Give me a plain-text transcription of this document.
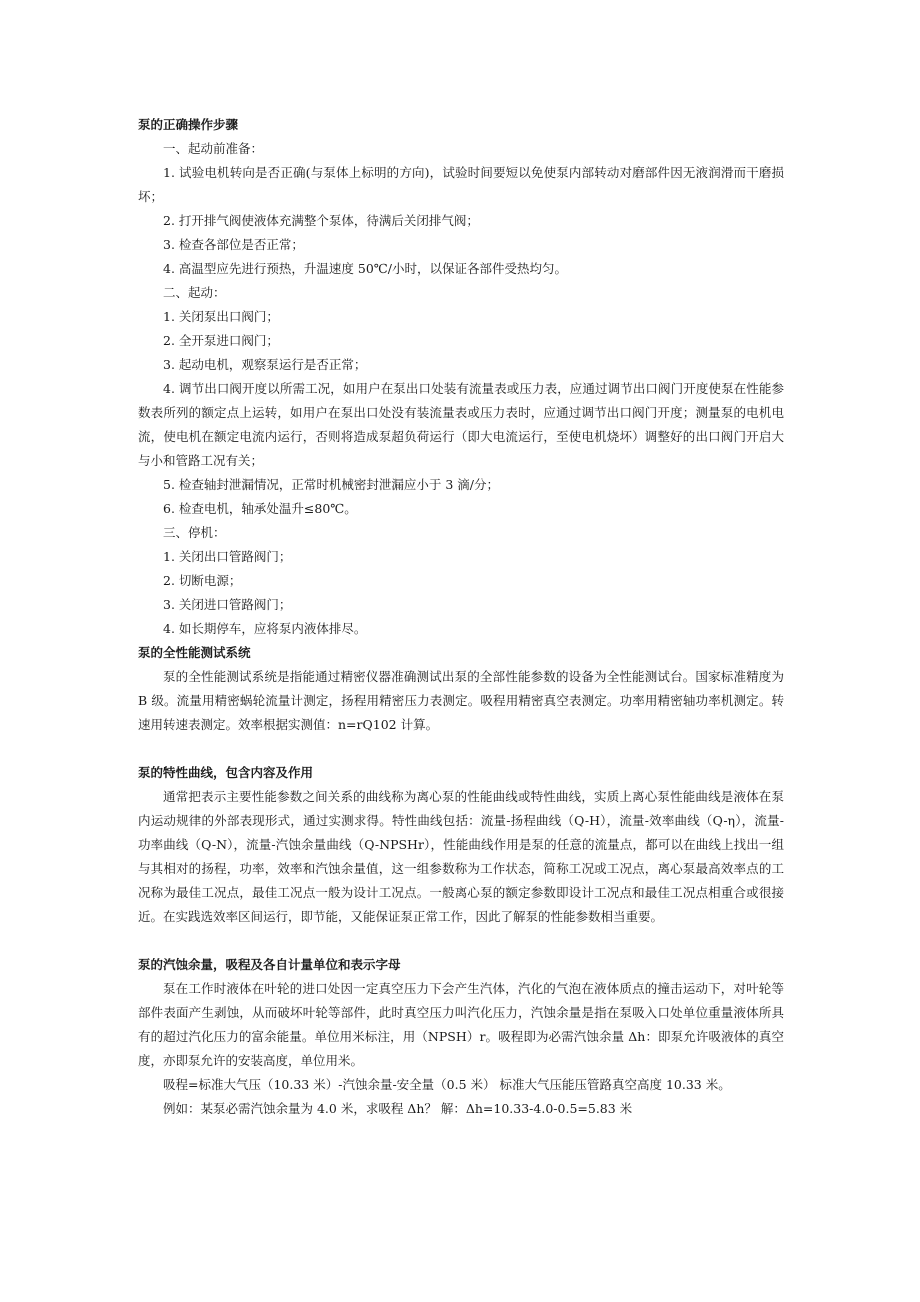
泵的正确操作步骤

一、起动前准备：

1. 试验电机转向是否正确(与泵体上标明的方向)，试验时间要短以免使泵内部转动对磨部件因无液润滑而干磨损坏；

2. 打开排气阀使液体充满整个泵体，待满后关闭排气阀；

3. 检查各部位是否正常；

4. 高温型应先进行预热，升温速度 50℃/小时，以保证各部件受热均匀。

二、起动：

1. 关闭泵出口阀门；

2. 全开泵进口阀门；

3. 起动电机，观察泵运行是否正常；

4. 调节出口阀开度以所需工况，如用户在泵出口处装有流量表或压力表，应通过调节出口阀门开度使泵在性能参数表所列的额定点上运转，如用户在泵出口处没有装流量表或压力表时，应通过调节出口阀门开度；测量泵的电机电流，使电机在额定电流内运行，否则将造成泵超负荷运行（即大电流运行，至使电机烧坏）调整好的出口阀门开启大与小和管路工况有关；

5. 检查轴封泄漏情况，正常时机械密封泄漏应小于 3 滴/分；

6. 检查电机，轴承处温升≤80℃。

三、停机：

1. 关闭出口管路阀门；

2. 切断电源；

3. 关闭进口管路阀门；

4. 如长期停车，应将泵内液体排尽。

泵的全性能测试系统

泵的全性能测试系统是指能通过精密仪器准确测试出泵的全部性能参数的设备为全性能测试台。国家标准精度为 B 级。流量用精密蜗轮流量计测定，扬程用精密压力表测定。吸程用精密真空表测定。功率用精密轴功率机测定。转速用转速表测定。效率根据实测值：n=rQ102 计算。

泵的特性曲线，包含内容及作用

通常把表示主要性能参数之间关系的曲线称为离心泵的性能曲线或特性曲线，实质上离心泵性能曲线是液体在泵内运动规律的外部表现形式，通过实测求得。特性曲线包括：流量-扬程曲线（Q-H），流量-效率曲线（Q-η），流量-功率曲线（Q-N），流量-汽蚀余量曲线（Q-NPSHr），性能曲线作用是泵的任意的流量点，都可以在曲线上找出一组与其相对的扬程，功率，效率和汽蚀余量值，这一组参数称为工作状态，简称工况或工况点，离心泵最高效率点的工况称为最佳工况点，最佳工况点一般为设计工况点。一般离心泵的额定参数即设计工况点和最佳工况点相重合或很接近。在实践选效率区间运行，即节能，又能保证泵正常工作，因此了解泵的性能参数相当重要。

泵的汽蚀余量，吸程及各自计量单位和表示字母

泵在工作时液体在叶轮的进口处因一定真空压力下会产生汽体，汽化的气泡在液体质点的撞击运动下，对叶轮等部件表面产生剥蚀，从而破坏叶轮等部件，此时真空压力叫汽化压力，汽蚀余量是指在泵吸入口处单位重量液体所具有的超过汽化压力的富余能量。单位用米标注，用（NPSH）r。吸程即为必需汽蚀余量 Δh：即泵允许吸液体的真空度，亦即泵允许的安装高度，单位用米。

吸程=标准大气压（10.33 米）-汽蚀余量-安全量（0.5 米） 标准大气压能压管路真空高度 10.33 米。

例如：某泵必需汽蚀余量为 4.0 米，求吸程 Δh？ 解：Δh=10.33-4.0-0.5=5.83 米
